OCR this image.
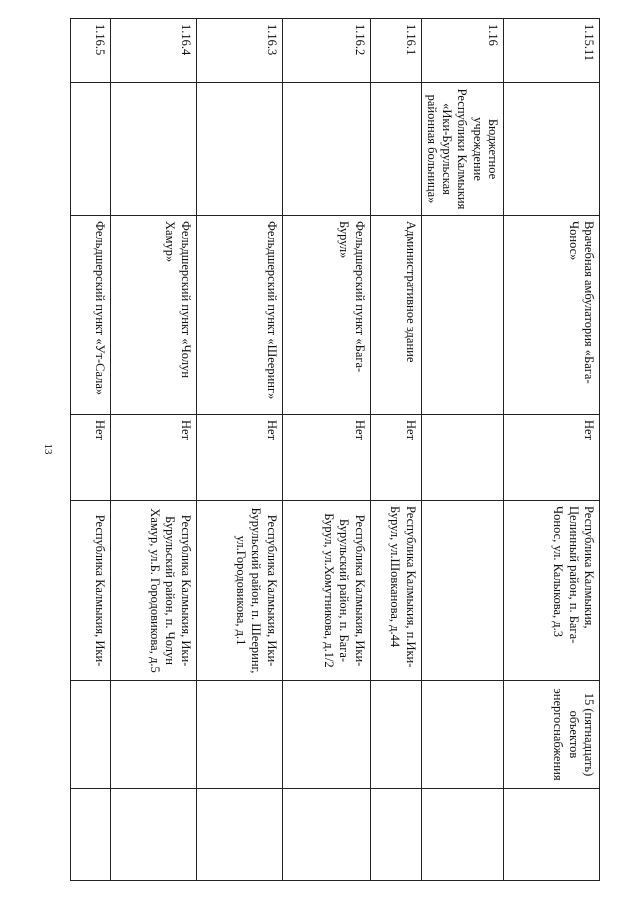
13
1.15.11		Врачебная амбулатория «Бага-Чонос»	Нет	Республика Калмыкия, Целинный район, п. Бага-Чонос, ул. Калыкова, д.3	15 (пятнадцать) объектов энергоснабжения	
1.16	Бюджетное учреждение Республики Калмыкия «Ики-Бурульская районная больница»					
1.16.1		Административное здание	Нет	Республика Калмыкия, п.Ики-Бурул, ул.Шовканова, д.44		
1.16.2		Фельдшерский пункт «Бага-Бурул»	Нет	Республика Калмыкия, Ики-Бурульский район, п. Бага-Бурул, ул.Хомутникова, д.1/2		
1.16.3		Фельдшерский пункт «Шееринг»	Нет	Республика Калмыкия, Ики-Бурульский район, п. Шееринг, ул.Городовикова, д.1		
1.16.4		Фельдшерский пункт «Чолун Хамур»	Нет	Республика Калмыкия, Ики-Бурульский район, п. Чолун Хамур, ул.Б. Городовикова, д.5		
1.16.5		Фельдшерский пункт «Ут-Сала»	Нет	Республика Калмыкия, Ики-		
